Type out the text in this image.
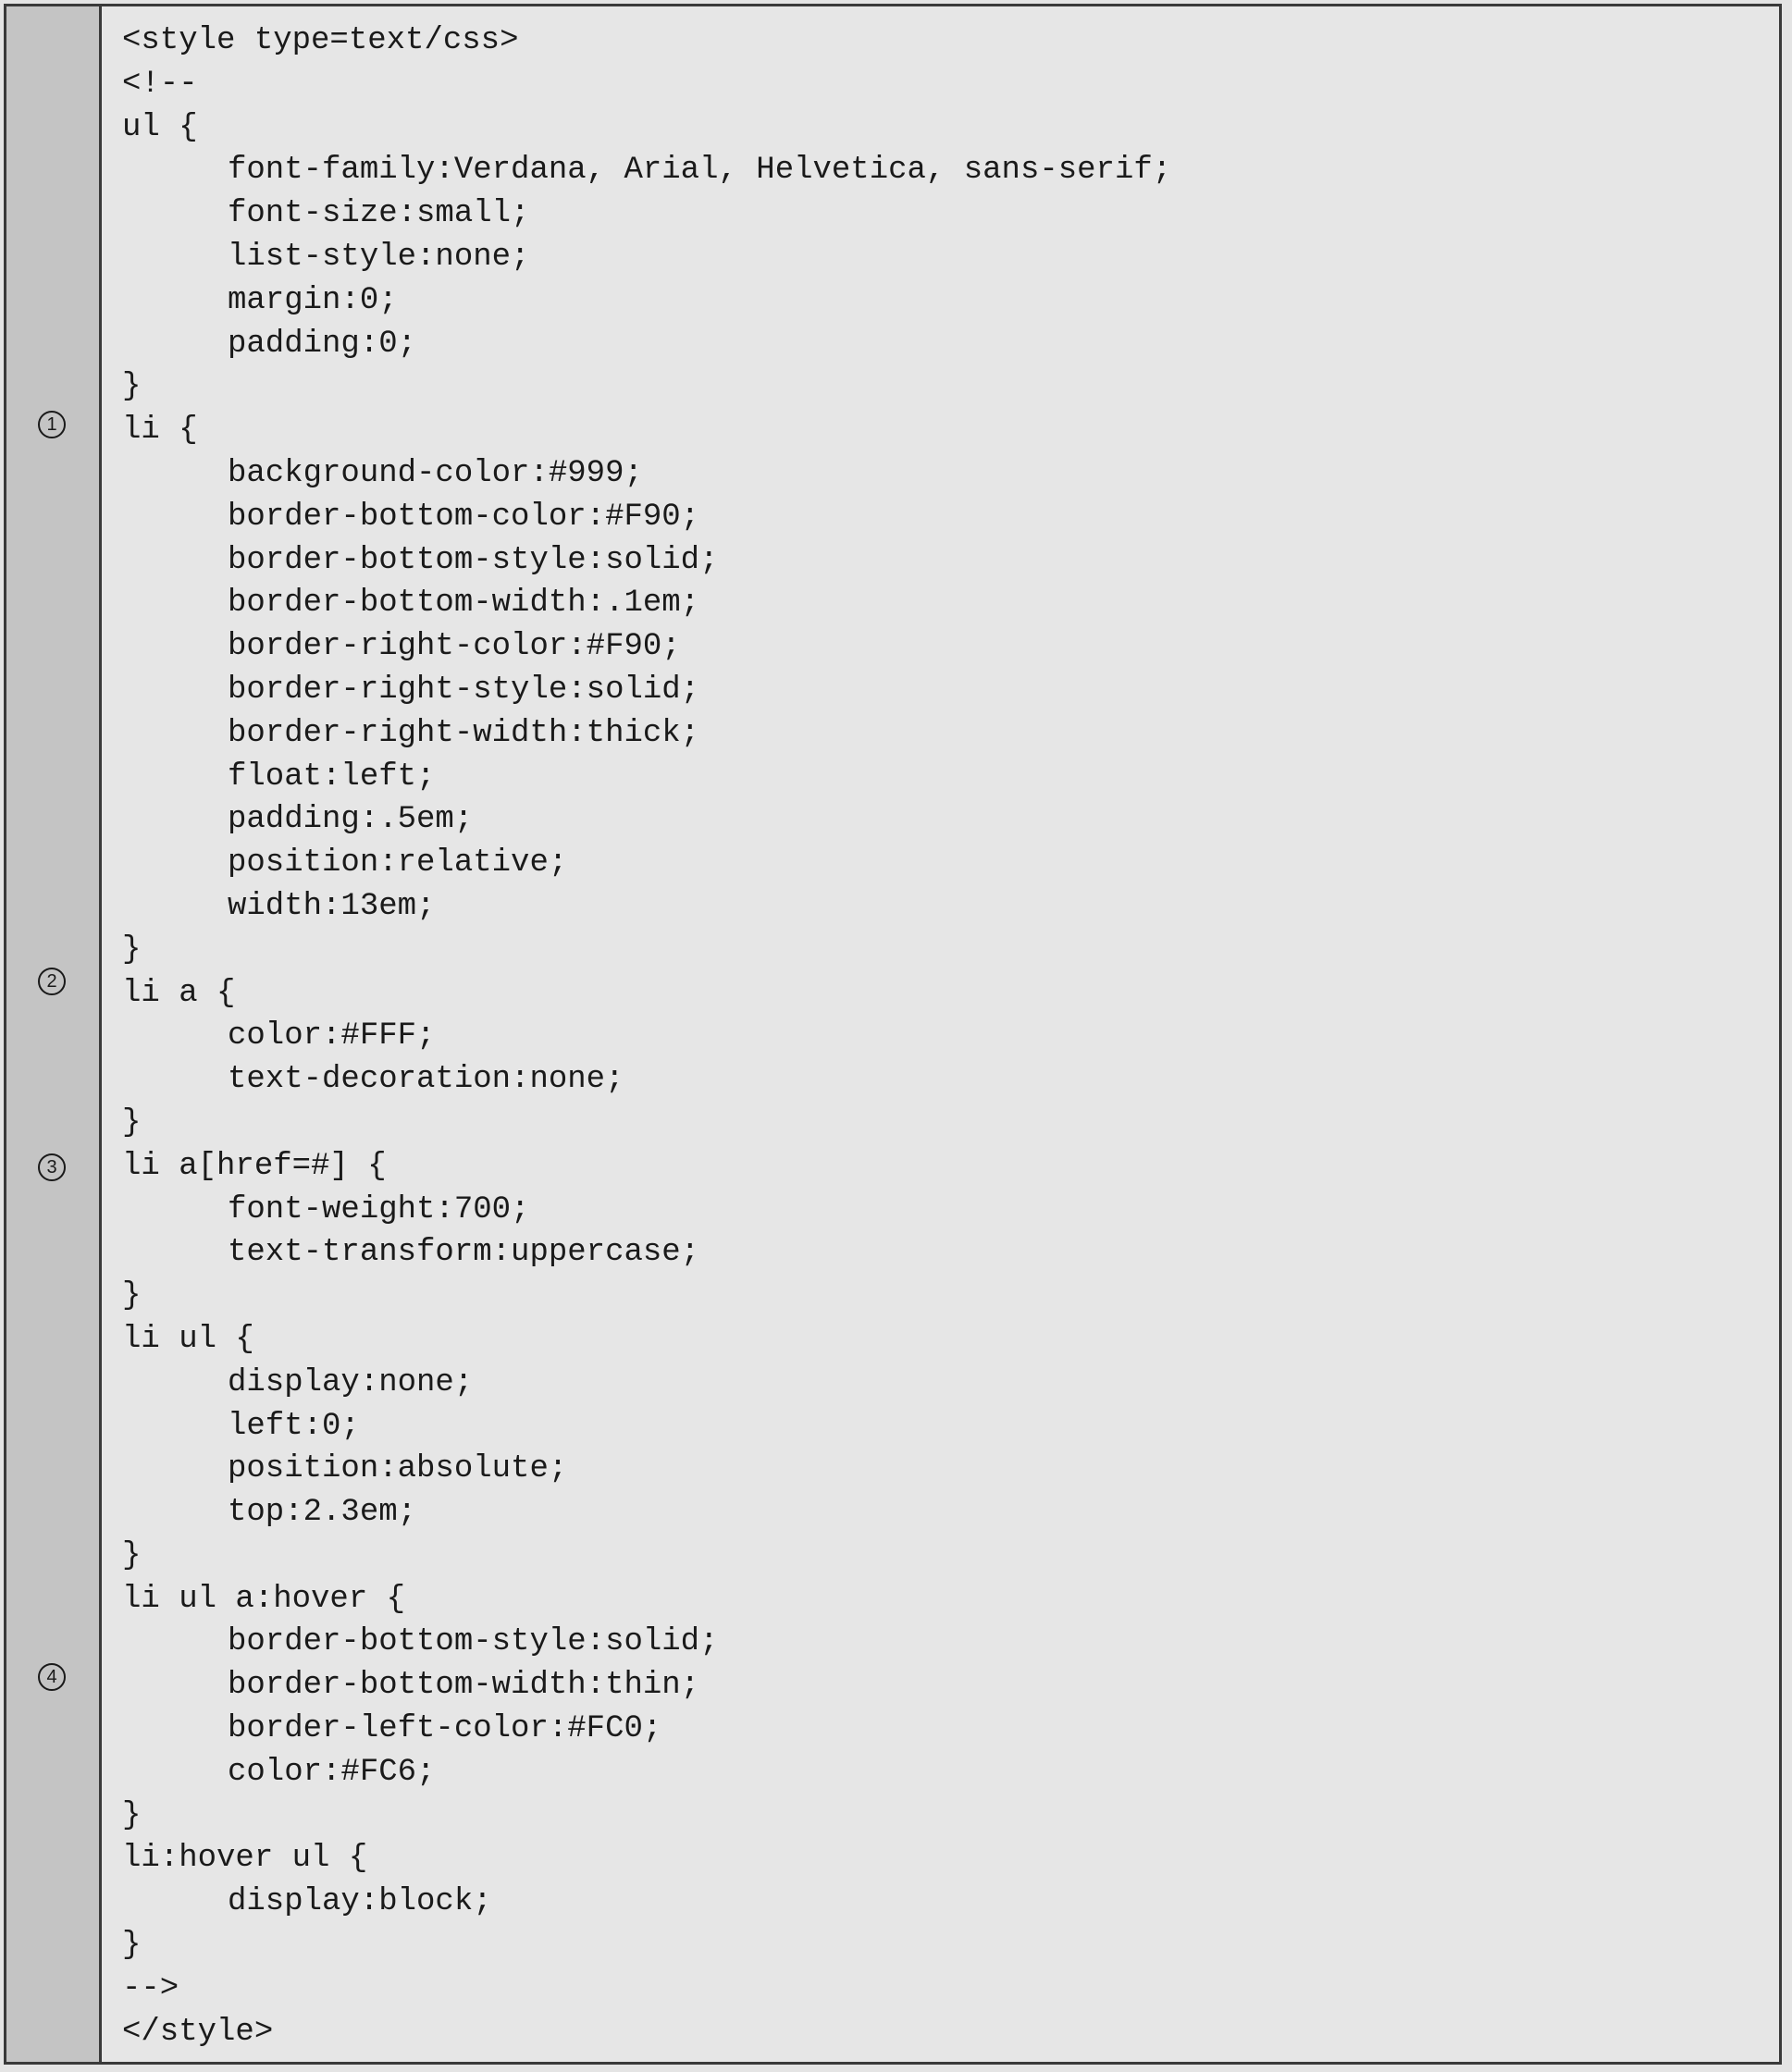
1
2
3
4
<style type=text/css>
<!--
ul {
font-family:Verdana, Arial, Helvetica, sans-serif;
font-size:small;
list-style:none;
margin:0;
padding:0;
}
li {
background-color:#999;
border-bottom-color:#F90;
border-bottom-style:solid;
border-bottom-width:.1em;
border-right-color:#F90;
border-right-style:solid;
border-right-width:thick;
float:left;
padding:.5em;
position:relative;
width:13em;
}
li a {
color:#FFF;
text-decoration:none;
}
li a[href=#] {
font-weight:700;
text-transform:uppercase;
}
li ul {
display:none;
left:0;
position:absolute;
top:2.3em;
}
li ul a:hover {
border-bottom-style:solid;
border-bottom-width:thin;
border-left-color:#FC0;
color:#FC6;
}
li:hover ul {
display:block;
}
-->
</style>
